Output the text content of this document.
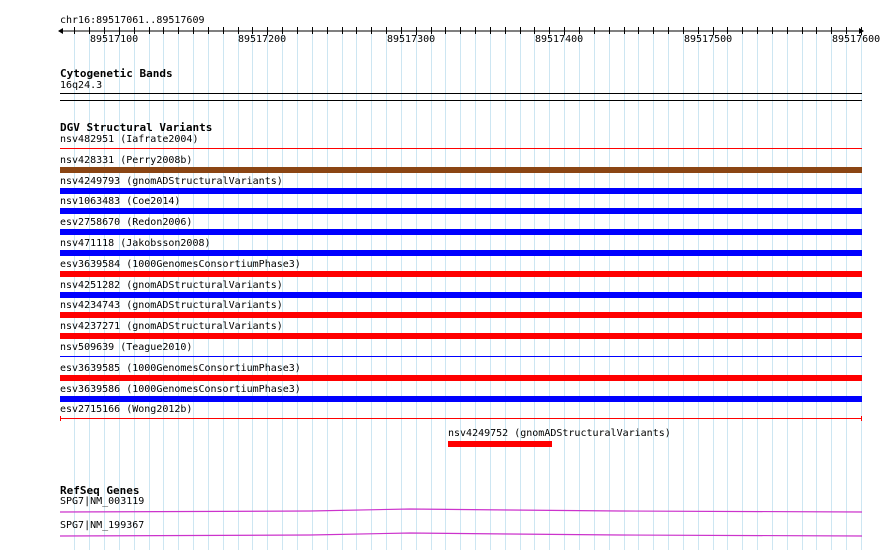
chr16:89517061..89517609
89517100	89517200	89517300	89517400	89517500	89517600
Cytogenetic Bands
16q24.3
DGV Structural Variants
nsv482951 (Iafrate2004)
nsv428331 (Perry2008b)
nsv4249793 (gnomADStructuralVariants)
nsv1063483 (Coe2014)
esv2758670 (Redon2006)
nsv471118 (Jakobsson2008)
esv3639584 (1000GenomesConsortiumPhase3)
nsv4251282 (gnomADStructuralVariants)
nsv4234743 (gnomADStructuralVariants)
nsv4237271 (gnomADStructuralVariants)
nsv509639 (Teague2010)
esv3639585 (1000GenomesConsortiumPhase3)
esv3639586 (1000GenomesConsortiumPhase3)
esv2715166 (Wong2012b)
nsv4249752 (gnomADStructuralVariants)
RefSeq Genes
SPG7|NM_003119
SPG7|NM_199367
